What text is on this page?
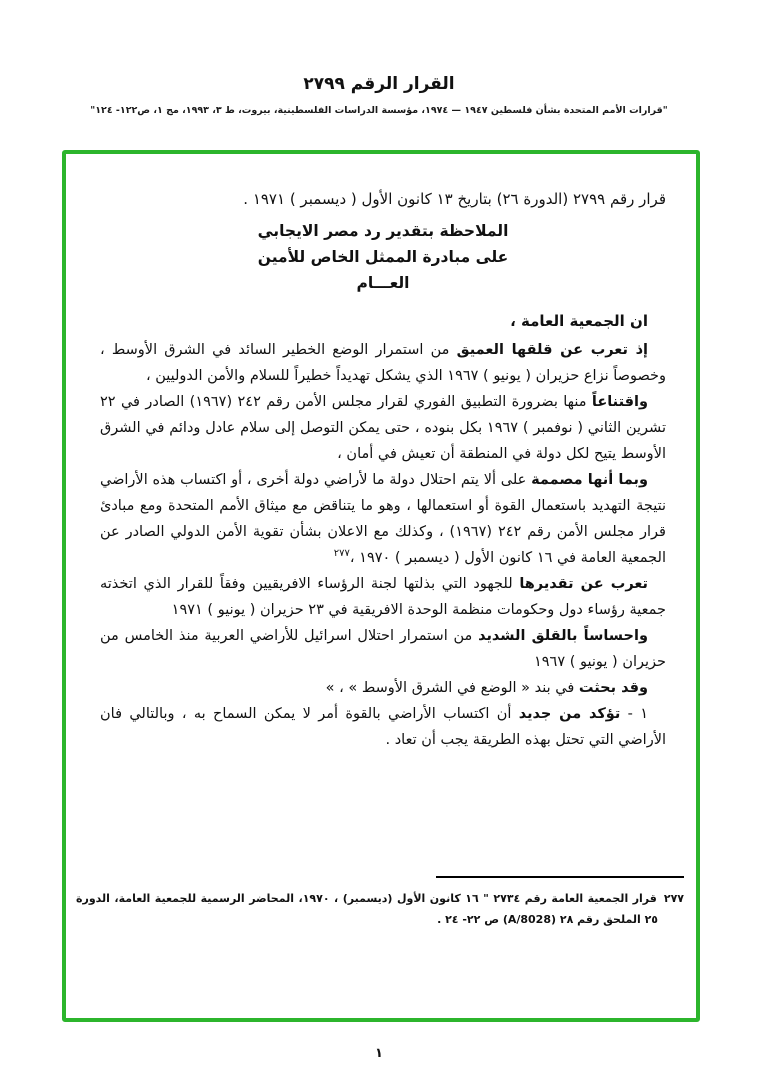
القرار الرقم ٢٧٩٩
"قرارات الأمم المتحدة بشأن فلسطين ١٩٤٧ — ١٩٧٤، مؤسسة الدراسات الفلسطينية، بيروت، ط ٣، ١٩٩٣، مج ١، ص١٢٢- ١٢٤"

قرار رقم ٢٧٩٩ (الدورة ٢٦) بتاريخ ١٣ كانون الأول ( ديسمبر ) ١٩٧١ .

الملاحظة بتقدير رد مصر الايجابي

على مبادرة الممثل الخاص للأمين

العـــام

ان الجمعية العامة ،

إذ تعرب عن قلقها العميق من استمرار الوضع الخطير السائد في الشرق الأوسط ، وخصوصاً نزاع حزيران ( يونيو ) ١٩٦٧ الذي يشكل تهديداً خطيراً للسلام والأمن الدوليين ،

واقتناعاً منها بضرورة التطبيق الفوري لقرار مجلس الأمن رقم ٢٤٢ (١٩٦٧) الصادر في ٢٢ تشرين الثاني ( نوفمبر ) ١٩٦٧ بكل بنوده ، حتى يمكن التوصل إلى سلام عادل ودائم في الشرق الأوسط يتيح لكل دولة في المنطقة أن تعيش في أمان ،

وبما أنها مصممة على ألا يتم احتلال دولة ما لأراضي دولة أخرى ، أو اكتساب هذه الأراضي نتيجة التهديد باستعمال القوة أو استعمالها ، وهو ما يتناقض مع ميثاق الأمم المتحدة ومع مبادئ قرار مجلس الأمن رقم ٢٤٢ (١٩٦٧) ، وكذلك مع الاعلان بشأن تقوية الأمن الدولي الصادر عن الجمعية العامة في ١٦ كانون الأول ( ديسمبر ) ١٩٧٠ ،$^{٢٧٧}$

تعرب عن تقديرها للجهود التي بذلتها لجنة الرؤساء الافريقيين وفقاً للقرار الذي اتخذته جمعية رؤساء دول وحكومات منظمة الوحدة الافريقية في ٢٣ حزيران ( يونيو ) ١٩٧١

واحساساً بالقلق الشديد من استمرار احتلال اسرائيل للأراضي العربية منذ الخامس من حزيران ( يونيو ) ١٩٦٧

وقد بحثت في بند « الوضع في الشرق الأوسط » ، »

١ - تؤكد من جديد أن اكتساب الأراضي بالقوة أمر لا يمكن السماح به ، وبالتالي فان الأراضي التي تحتل بهذه الطريقة يجب أن تعاد .

٢٧٧قرار الجمعية العامة رقم ٢٧٣٤ " ١٦ كانون الأول (ديسمبر) ، ١٩٧٠، المحاضر الرسمية للجمعية العامة، الدورة ٢٥ الملحق رقم ٢٨ (A/8028) ص ٢٢- ٢٤ .

١
